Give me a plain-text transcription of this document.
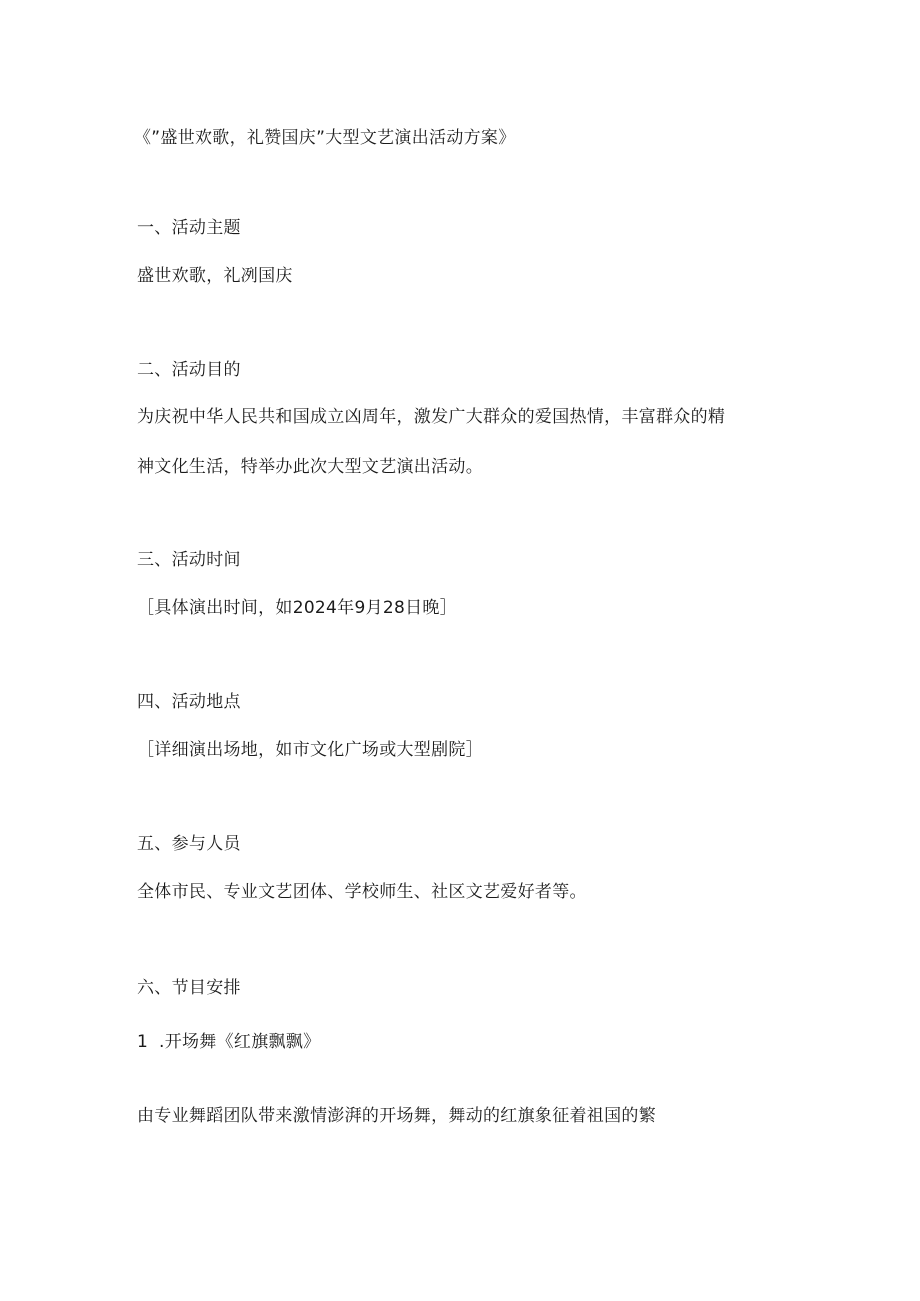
《”盛世欢歌，礼赞国庆”大型文艺演出活动方案》
一、活动主题
盛世欢歌，礼冽国庆
二、活动目的
为庆祝中华人民共和国成立凶周年，激发广大群众的爱国热情，丰富群众的精
神文化生活，特举办此次大型文艺演出活动。
三、活动时间
［具体演出时间，如2024年9月28日晚］
四、活动地点
［详细演出场地，如市文化广场或大型剧院］
五、参与人员
全体市民、专业文艺团体、学校师生、社区文艺爱好者等。
六、节目安排
1 .开场舞《红旗飘飘》
由专业舞蹈团队带来激情澎湃的开场舞，舞动的红旗象征着祖国的繁
